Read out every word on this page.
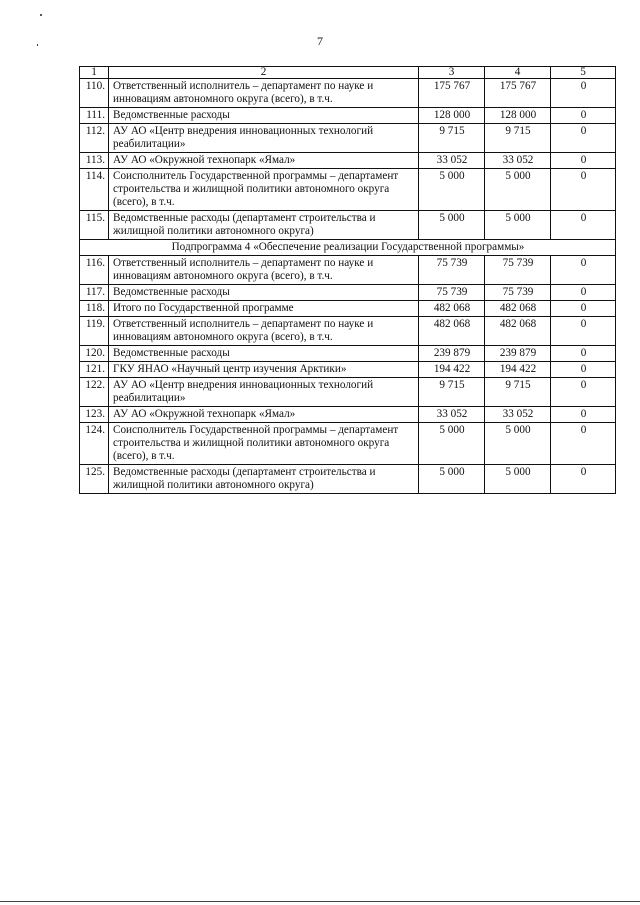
7
1	2	3	4	5
110.	Ответственный исполнитель – департамент по науке и инновациям автономного округа (всего), в т.ч.	175 767	175 767	0
111.	Ведомственные расходы	128 000	128 000	0
112.	АУ АО «Центр внедрения инновационных технологий реабилитации»	9 715	9 715	0
113.	АУ АО «Окружной технопарк «Ямал»	33 052	33 052	0
114.	Соисполнитель Государственной программы – департамент строительства и жилищной политики автономного округа (всего), в т.ч.	5 000	5 000	0
115.	Ведомственные расходы (департамент строительства и жилищной политики автономного округа)	5 000	5 000	0
Подпрограмма 4 «Обеспечение реализации Государственной программы»				
116.	Ответственный исполнитель – департамент по науке и инновациям автономного округа (всего), в т.ч.	75 739	75 739	0
117.	Ведомственные расходы	75 739	75 739	0
118.	Итого по Государственной программе	482 068	482 068	0
119.	Ответственный исполнитель – департамент по науке и инновациям автономного округа (всего), в т.ч.	482 068	482 068	0
120.	Ведомственные расходы	239 879	239 879	0
121.	ГКУ ЯНАО «Научный центр изучения Арктики»	194 422	194 422	0
122.	АУ АО «Центр внедрения инновационных технологий реабилитации»	9 715	9 715	0
123.	АУ АО «Окружной технопарк «Ямал»	33 052	33 052	0
124.	Соисполнитель Государственной программы – департамент строительства и жилищной политики автономного округа (всего), в т.ч.	5 000	5 000	0
125.	Ведомственные расходы (департамент строительства и жилищной политики автономного округа)	5 000	5 000	0
